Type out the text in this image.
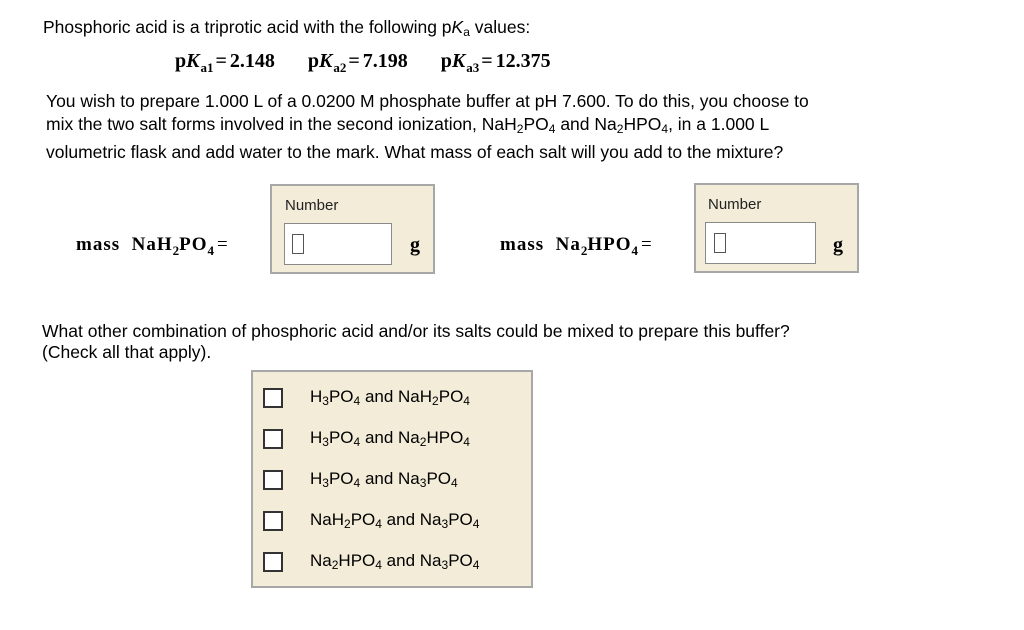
Phosphoric acid is a triprotic acid with the following $pK_a$ values:
$pK_{a1} = 2.148$ $pK_{a2} = 7.198$ $pK_{a3} = 12.375$
You wish to prepare 1.000 L of a 0.0200 M phosphate buffer at pH 7.600. To do this, you choose to
mix the two salt forms involved in the second ionization, $NaH_2PO_4$ and $Na_2HPO_4$, in a 1.000 L
volumetric flask and add water to the mark. What mass of each salt will you add to the mixture?
mass $NaH_2PO_4$ =
Number
g	mass $Na_2HPO_4$ =
Number
g
What other combination of phosphoric acid and/or its salts could be mixed to prepare this buffer?
(Check all that apply).
$H_3PO_4$ and $NaH_2PO_4$
$H_3PO_4$ and $Na_2HPO_4$
$H_3PO_4$ and $Na_3PO_4$
$NaH_2PO_4$ and $Na_3PO_4$
$Na_2HPO_4$ and $Na_3PO_4$
